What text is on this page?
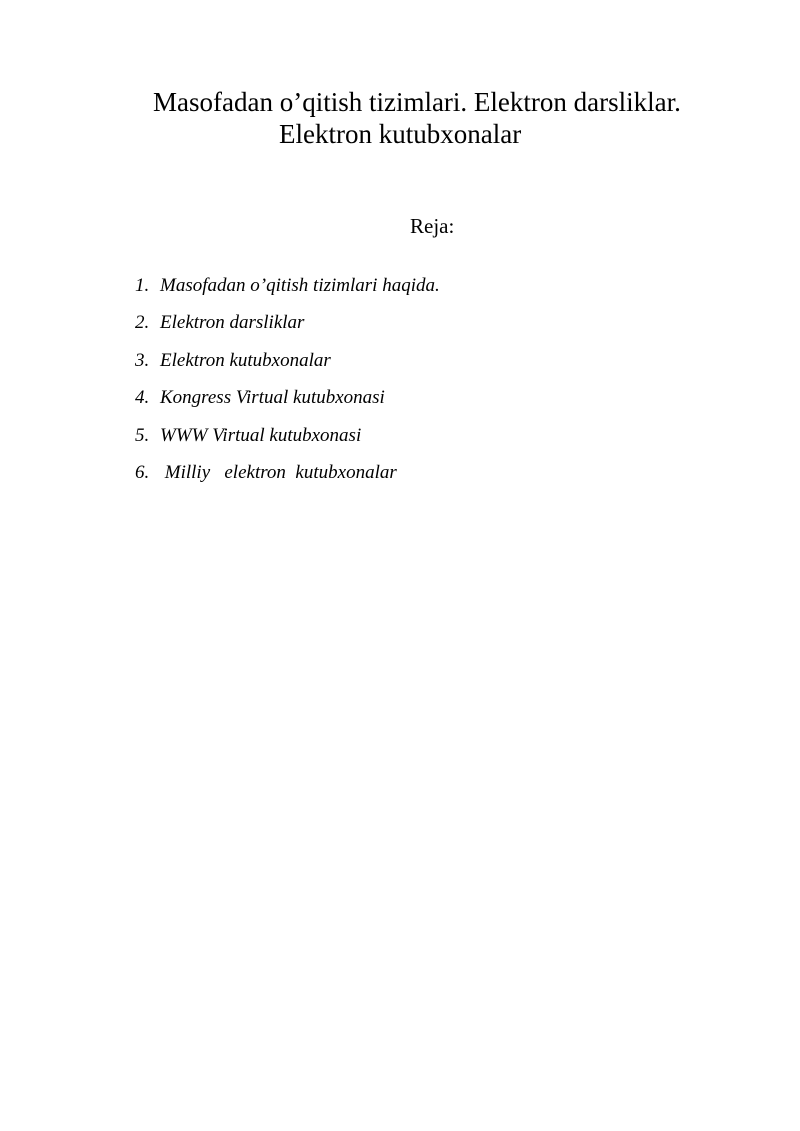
Masofadan o’qitish tizimlari. Elektron darsliklar.
Elektron kutubxonalar
Reja:
1. Masofadan o’qitish tizimlari haqida.
2. Elektron darsliklar
3. Elektron kutubxonalar
4. Kongress Virtual kutubxonasi
5. WWW Virtual kutubxonasi
6. Milliy   elektron  kutubxonalar
